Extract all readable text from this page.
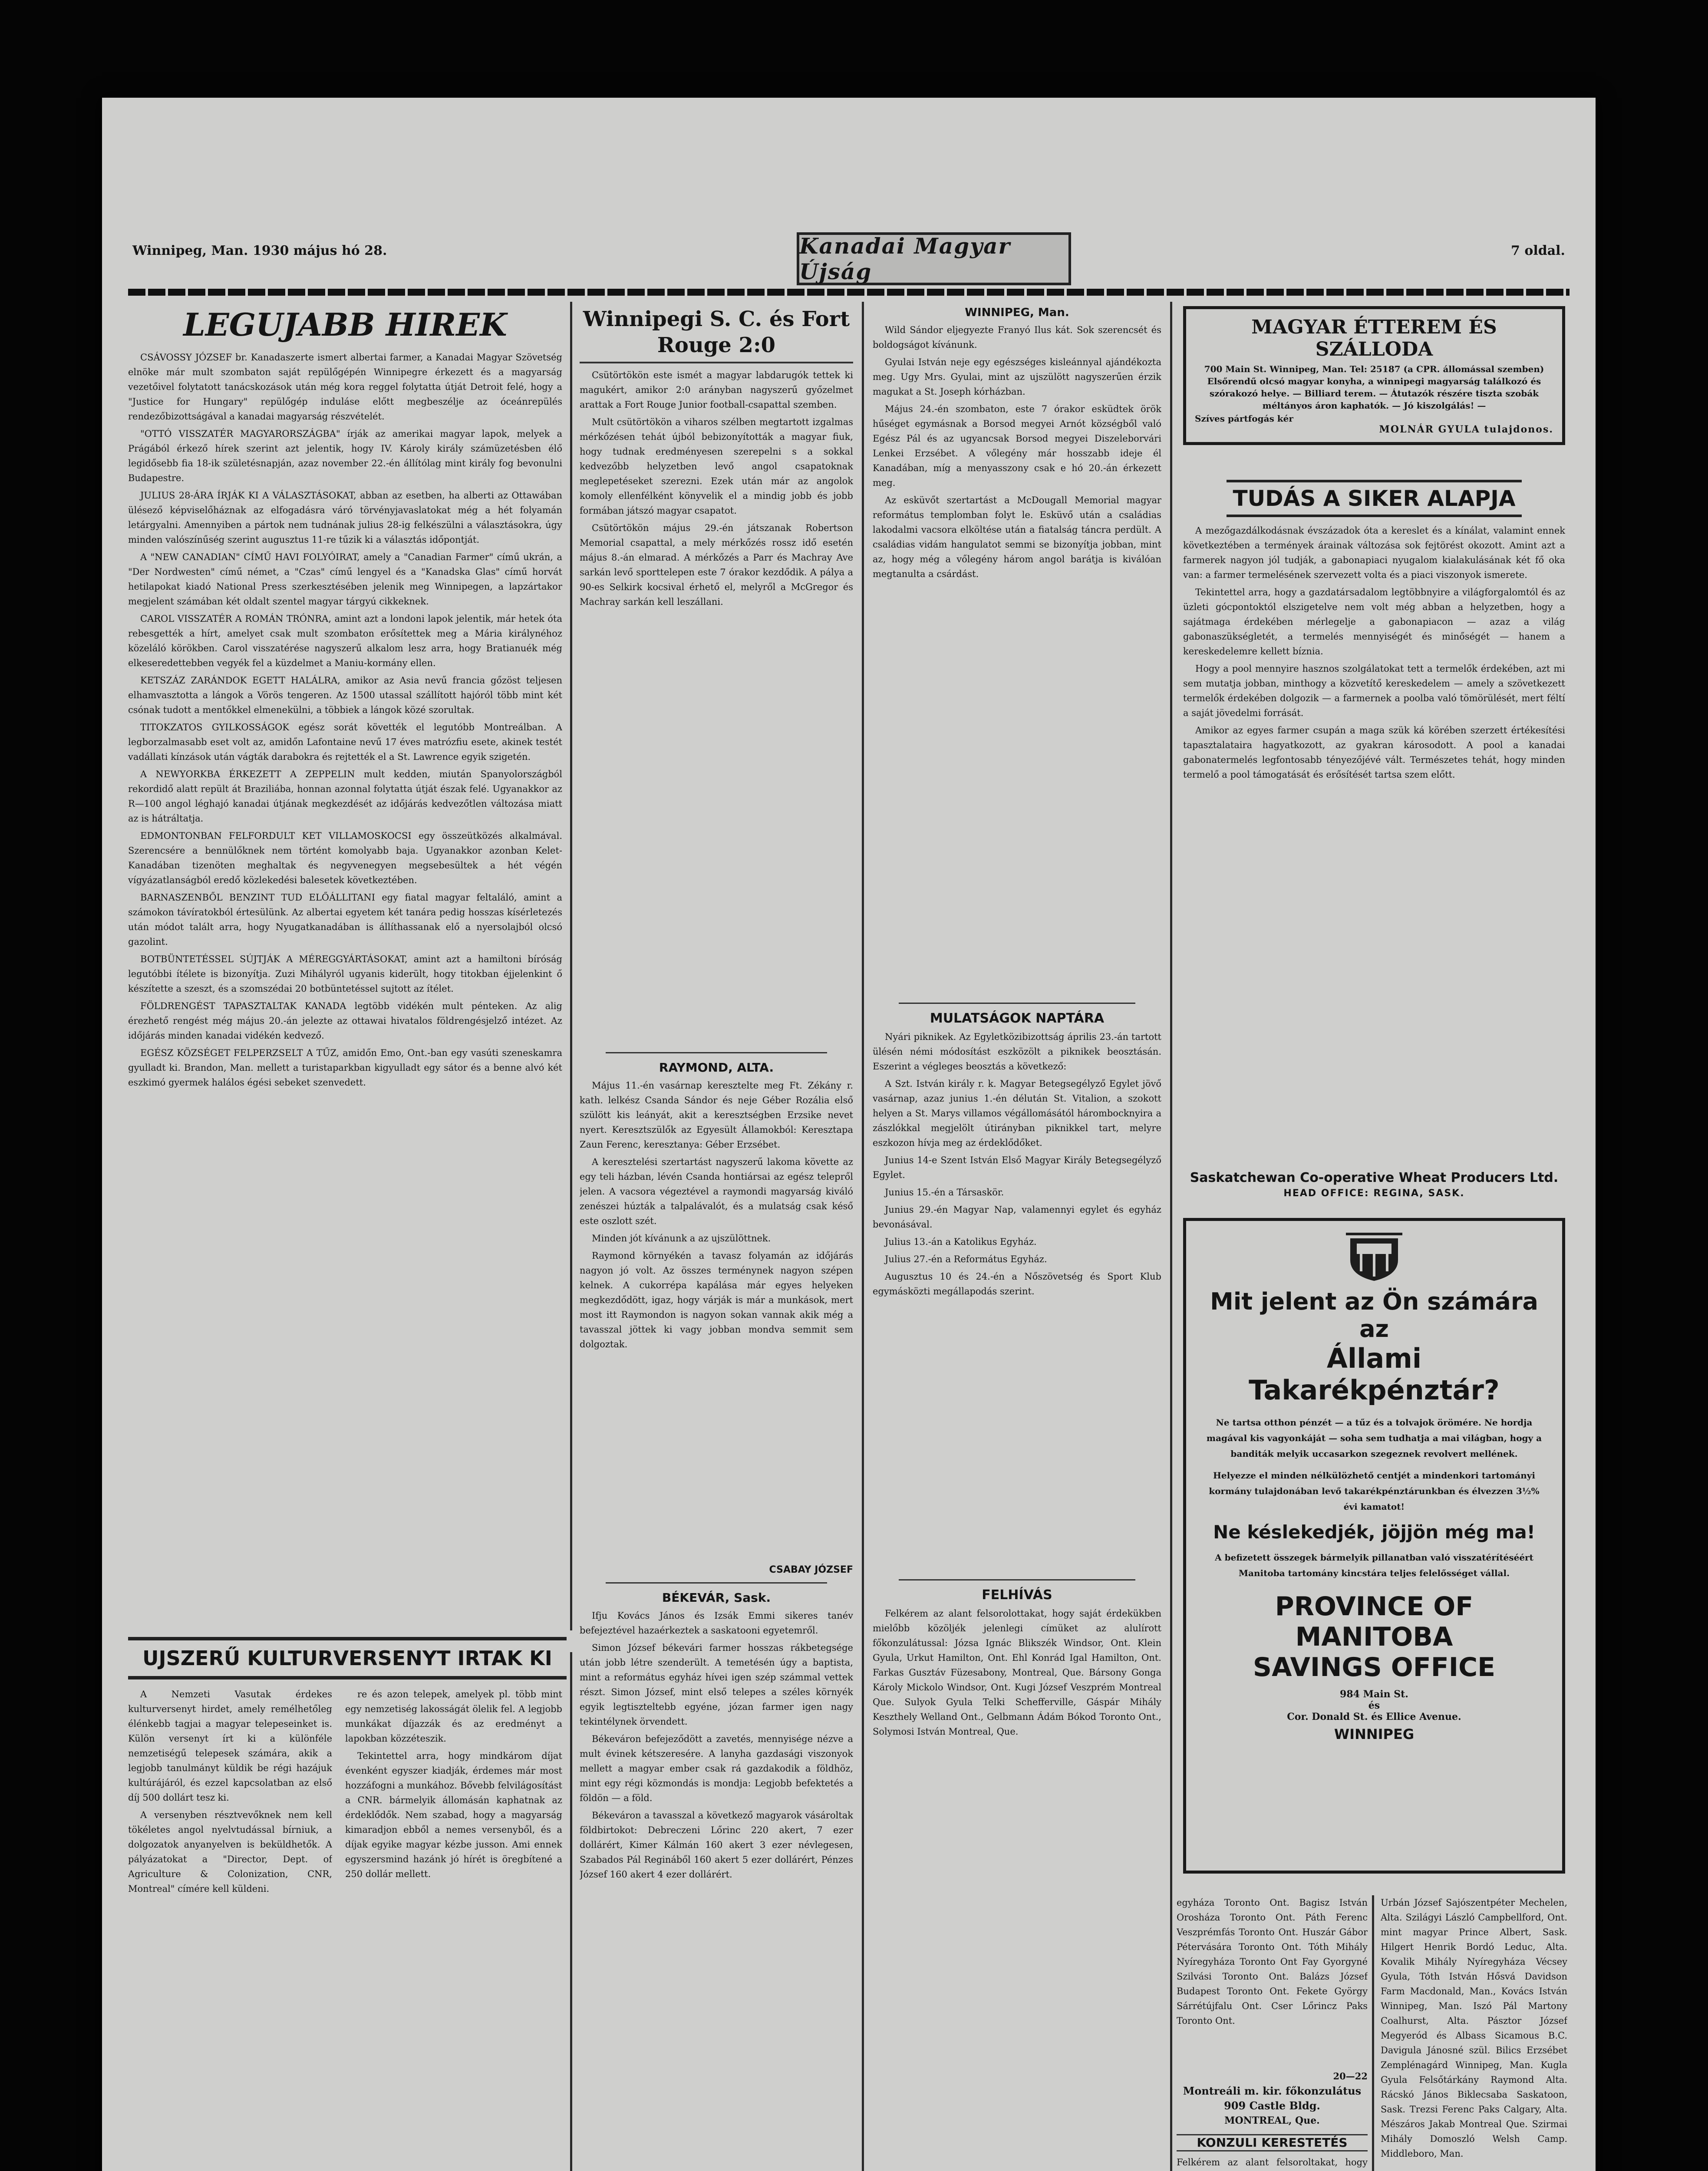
Winnipeg, Man. 1930 május hó 28.	Kanadai Magyar Újság
7 oldal.
LEGUJABB HIREK

CSÁVOSSY JÓZSEF br. Kanadaszerte ismert albertai farmer, a Kanadai Magyar Szövetség elnöke már mult szombaton saját repülőgépén Winnipegre érkezett és a magyarság vezetőivel folytatott tanácskozások után még kora reggel folytatta útját Detroit felé, hogy a "Justice for Hungary" repülőgép induláse előtt megbeszélje az óceánrepülés rendezőbizottságával a kanadai magyarság részvételét.

"OTTÓ VISSZATÉR MAGYARORSZÁGBA" írják az amerikai magyar lapok, melyek a Prágából érkező hírek szerint azt jelentik, hogy IV. Károly király számüzetésben élő legidősebb fia 18-ik születésnapján, azaz november 22.-én állítólag mint király fog bevonulni Budapestre.

JULIUS 28-ÁRA ÍRJÁK KI A VÁLASZTÁSOKAT, abban az esetben, ha alberti az Ottawában ülésező képviselőháznak az elfogadásra váró törvényjavaslatokat még a hét folyamán letárgyalni. Amennyiben a pártok nem tudnának julius 28-ig felkészülni a választásokra, úgy minden valószínűség szerint augusztus 11-re tűzik ki a választás időpontját.

A "NEW CANADIAN" CÍMŰ HAVI FOLYÓIRAT, amely a "Canadian Farmer" című ukrán, a "Der Nordwesten" című német, a "Czas" című lengyel és a "Kanadska Glas" című horvát hetilapokat kiadó National Press szerkesztésében jelenik meg Winnipegen, a lapzártakor megjelent számában két oldalt szentel magyar tárgyú cikkeknek.

CAROL VISSZATÉR A ROMÁN TRÓNRA, amint azt a londoni lapok jelentik, már hetek óta rebesgették a hírt, amelyet csak mult szombaton erősítettek meg a Mária királynéhoz közeláló körökben. Carol visszatérése nagyszerű alkalom lesz arra, hogy Bratianuék még elkeseredettebben vegyék fel a küzdelmet a Maniu-kormány ellen.

KETSZÁZ ZARÁNDOK EGETT HALÁLRA, amikor az Asia nevű francia gőzöst teljesen elhamvasztotta a lángok a Vörös tengeren. Az 1500 utassal szállított hajóról több mint két csónak tudott a mentőkkel elmenekülni, a többiek a lángok közé szorultak.

TITOKZATOS GYILKOSSÁGOK egész sorát követték el legutóbb Montreálban. A legborzalmasabb eset volt az, amidőn Lafontaine nevű 17 éves matrózfiu esete, akinek testét vadállati kínzások után vágták darabokra és rejtették el a St. Lawrence egyik szigetén.

A NEWYORKBA ÉRKEZETT A ZEPPELIN mult kedden, miután Spanyolországból rekordidő alatt repült át Braziliába, honnan azonnal folytatta útját észak felé. Ugyanakkor az R—100 angol léghajó kanadai útjának megkezdését az időjárás kedvezőtlen változása miatt az is hátráltatja.

EDMONTONBAN FELFORDULT KET VILLAMOSKOCSI egy összeütközés alkalmával. Szerencsére a bennülőknek nem történt komolyabb baja. Ugyanakkor azonban Kelet-Kanadában tizenöten meghaltak és negyvenegyen megsebesültek a hét végén vígyázatlanságból eredő közlekedési balesetek következtében.

BARNASZENBŐL BENZINT TUD ELŐÁLLITANI egy fiatal magyar feltaláló, amint a számokon távíratokból értesülünk. Az albertai egyetem két tanára pedig hosszas kísérletezés után módot talált arra, hogy Nyugatkanadában is állíthassanak elő a nyersolajból olcsó gazolint.

BOTBÜNTETÉSSEL SÚJTJÁK A MÉREGGYÁRTÁSOKAT, amint azt a hamiltoni bíróság legutóbbi ítélete is bizonyítja. Zuzi Mihályról ugyanis kiderült, hogy titokban éjjelenkint ő készítette a szeszt, és a szomszédai 20 botbüntetéssel sujtott az ítélet.

FÖLDRENGÉST TAPASZTALTAK KANADA legtöbb vidékén mult pénteken. Az alig érezhető rengést még május 20.-án jelezte az ottawai hivatalos földrengésjelző intézet. Az időjárás minden kanadai vidékén kedvező.

EGÉSZ KÖZSÉGET FELPERZSELT A TŰZ, amidőn Emo, Ont.-ban egy vasúti szeneskamra gyulladt ki. Brandon, Man. mellett a turistaparkban kigyulladt egy sátor és a benne alvó két eszkimó gyermek halálos égési sebeket szenvedett.

UJSZERŰ KULTURVERSENYT IRTAK KI

A Nemzeti Vasutak érdekes kulturversenyt hirdet, amely remélhetőleg élénkebb tagjai a magyar telepeseinket is. Külön versenyt írt ki a különféle nemzetiségű telepesek számára, akik a legjobb tanulmányt küldik be régi hazájuk kultúrájáról, és ezzel kapcsolatban az első díj 500 dollárt tesz ki.

A versenyben résztvevőknek nem kell tökéletes angol nyelvtudással bírniuk, a dolgozatok anyanyelven is beküldhetők. A pályázatokat a "Director, Dept. of Agriculture & Colonization, CNR, Montreal" címére kell küldeni.

re és azon telepek, amelyek pl. több mint egy nemzetiség lakosságát ölelik fel. A legjobb munkákat díjazzák és az eredményt a lapokban közzéteszik.

Tekintettel arra, hogy mindkárom díjat évenként egyszer kiadják, érdemes már most hozzáfogni a munkához. Bővebb felvilágosítást a CNR. bármelyik állomásán kaphatnak az érdeklődők. Nem szabad, hogy a magyarság kimaradjon ebből a nemes versenyből, és a díjak egyike magyar kézbe jusson. Ami ennek egyszersmind hazánk jó hírét is öregbítené a 250 dollár mellett.

Winnipegi S. C. és Fort Rouge 2:0

Csütörtökön este ismét a magyar labdarugók tettek ki magukért, amikor 2:0 arányban nagyszerű győzelmet arattak a Fort Rouge Junior football-csapattal szemben.

Mult csütörtökön a viharos szélben megtartott izgalmas mérkőzésen tehát újból bebizonyították a magyar fiuk, hogy tudnak eredményesen szerepelni s a sokkal kedvezőbb helyzetben levő angol csapatoknak meglepetéseket szerezni. Ezek után már az angolok komoly ellenfélként könyvelik el a mindig jobb és jobb formában játszó magyar csapatot.

Csütörtökön május 29.-én játszanak Robertson Memorial csapattal, a mely mérkőzés rossz idő esetén május 8.-án elmarad. A mérkőzés a Parr és Machray Ave sarkán levő sporttelepen este 7 órakor kezdődik. A pálya a 90-es Selkirk kocsival érhető el, melyről a McGregor és Machray sarkán kell leszállani.

RAYMOND, ALTA.

Május 11.-én vasárnap keresztelte meg Ft. Zékány r. kath. lelkész Csanda Sándor és neje Géber Rozália első szülött kis leányát, akit a keresztségben Erzsike nevet nyert. Keresztszülők az Egyesült Államokból: Keresztapa Zaun Ferenc, keresztanya: Géber Erzsébet.

A keresztelési szertartást nagyszerű lakoma követte az egy teli házban, lévén Csanda hontiársai az egész telepről jelen. A vacsora végeztével a raymondi magyarság kiváló zenészei húzták a talpalávalót, és a mulatság csak késő este oszlott szét.

Minden jót kívánunk a az ujszülöttnek.

Raymond környékén a tavasz folyamán az időjárás nagyon jó volt. Az összes terménynek nagyon szépen kelnek. A cukorrépa kapálása már egyes helyeken megkezdődött, igaz, hogy várják is már a munkások, mert most itt Raymondon is nagyon sokan vannak akik még a tavasszal jöttek ki vagy jobban mondva semmit sem dolgoztak.

CSABAY JÓZSEF
BÉKEVÁR, Sask.

Ifju Kovács János és Izsák Emmi sikeres tanév befejeztével hazaérkeztek a saskatooni egyetemről.

Simon József békevári farmer hosszas rákbetegsége után jobb létre szenderült. A temetésén úgy a baptista, mint a református egyház hívei igen szép számmal vettek részt. Simon József, mint első telepes a széles környék egyik legtiszteltebb egyéne, józan farmer igen nagy tekintélynek örvendett.

Békeváron befejeződött a zavetés, mennyisége nézve a mult évinek kétszeresére. A lanyha gazdasági viszonyok mellett a magyar ember csak rá gazdakodik a földhöz, mint egy régi közmondás is mondja: Legjobb befektetés a földön — a föld.

Békeváron a tavasszal a következő magyarok vásároltak földbirtokot: Debreczeni Lőrinc 220 akert, 7 ezer dollárért, Kimer Kálmán 160 akert 3 ezer névlegesen, Szabados Pál Regináből 160 akert 5 ezer dollárért, Pénzes József 160 akert 4 ezer dollárért.

WINNIPEG, Man.

Wild Sándor eljegyezte Franyó Ilus kát. Sok szerencsét és boldogságot kívánunk.

Gyulai István neje egy egészséges kisleánnyal ajándékozta meg. Ugy Mrs. Gyulai, mint az ujszülött nagyszerűen érzik magukat a St. Joseph kórházban.

Május 24.-én szombaton, este 7 órakor esküdtek örök hűséget egymásnak a Borsod megyei Arnót községből való Egész Pál és az ugyancsak Borsod megyei Diszeleborvári Lenkei Erzsébet. A vőlegény már hosszabb ideje él Kanadában, míg a menyasszony csak e hó 20.-án érkezett meg.

Az esküvőt szertartást a McDougall Memorial magyar református templomban folyt le. Esküvő után a családias lakodalmi vacsora elköltése után a fiatalság táncra perdült. A családias vidám hangulatot semmi se bizonyítja jobban, mint az, hogy még a vőlegény három angol barátja is kiválóan megtanulta a csárdást.

MULATSÁGOK NAPTÁRA

Nyári piknikek. Az Egyletközibizottság április 23.-án tartott ülésén némi módosítást eszközölt a piknikek beosztásán. Eszerint a végleges beosztás a következő:

A Szt. István király r. k. Magyar Betegsegélyző Egylet jövő vasárnap, azaz junius 1.-én délután St. Vitalion, a szokott helyen a St. Marys villamos végállomásától hárombocknyira a zászlókkal megjelölt útirányban piknikkel tart, melyre eszkozon hívja meg az érdeklődőket.

Junius 14-e Szent István Első Magyar Király Betegsegélyző Egylet.

Junius 15.-én a Társaskör.

Junius 29.-én Magyar Nap, valamennyi egylet és egyház bevonásával.

Julius 13.-án a Katolikus Egyház.

Julius 27.-én a Református Egyház.

Augusztus 10 és 24.-én a Nőszövetség és Sport Klub egymásközti megállapodás szerint.

FELHÍVÁS

Felkérem az alant felsorolottakat, hogy saját érdekükben mielőbb közöljék jelenlegi címüket az alulírott főkonzulátussal: Józsa Ignác Blikszék Windsor, Ont. Klein Gyula, Urkut Hamilton, Ont. Ehl Konrád Igal Hamilton, Ont. Farkas Gusztáv Füzesabony, Montreal, Que. Bársony Gonga Károly Mickolo Windsor, Ont. Kugi József Veszprém Montreal Que. Sulyok Gyula Telki Schefferville, Gáspár Mihály Keszthely Welland Ont., Gelbmann Ádám Bókod Toronto Ont., Solymosi István Montreal, Que.

MAGYAR ÉTTEREM ÉS SZÁLLODA
700 Main St. Winnipeg, Man. Tel: 25187 (a CPR. állomással szemben)
Elsőrendű olcsó magyar konyha, a winnipegi magyarság találkozó és szórakozó helye. — Billiard terem. — Átutazók részére tiszta szobák méltányos áron kaphatók. — Jó kiszolgálás! —
Szíves pártfogás kér
MOLNÁR GYULA tulajdonos.
TUDÁS A SIKER ALAPJA

A mezőgazdálkodásnak évszázadok óta a kereslet és a kínálat, valamint ennek következtében a termények árainak változása sok fejtörést okozott. Amint azt a farmerek nagyon jól tudják, a gabonapiaci nyugalom kialakulásának két fő oka van: a farmer termelésének szervezett volta és a piaci viszonyok ismerete.

Tekintettel arra, hogy a gazdatársadalom legtöbbnyire a világforgalomtól és az üzleti gócpontoktól elszigetelve nem volt még abban a helyzetben, hogy a sajátmaga érdekében mérlegelje a gabonapiacon — azaz a világ gabonaszükségletét, a termelés mennyiségét és minőségét — hanem a kereskedelemre kellett bíznia.

Hogy a pool mennyire hasznos szolgálatokat tett a termelők érdekében, azt mi sem mutatja jobban, minthogy a közvetítő kereskedelem — amely a szövetkezett termelők érdekében dolgozik — a farmernek a poolba való tömörülését, mert féltí a saját jövedelmi forrását.

Amikor az egyes farmer csupán a maga szük ká körében szerzett értékesítési tapasztalataira hagyatkozott, az gyakran károsodott. A pool a kanadai gabonatermelés legfontosabb tényezőjévé vált. Természetes tehát, hogy minden termelő a pool támogatását és erősítését tartsa szem előtt.

Saskatchewan Co-operative Wheat Producers Ltd.
HEAD OFFICE: REGINA, SASK.
Mit jelent az Ön számára az
Állami Takarékpénztár?
Ne tartsa otthon pénzét — a tűz és a tolvajok örömére. Ne hordja magával kis vagyonkáját — soha sem tudhatja a mai világban, hogy a banditák melyik uccasarkon szegeznek revolvert mellének.
Helyezze el minden nélkülözhető centjét a mindenkori tartományi kormány tulajdonában levő takarékpénztárunkban és élvezzen 3½% évi kamatot!
Ne késlekedjék, jöjjön még ma!
A befizetett összegek bármelyik pillanatban való visszatérítéséért Manitoba tartomány kincstára teljes felelősséget vállal.
PROVINCE OF MANITOBA
SAVINGS OFFICE
984 Main St.
és
Cor. Donald St. és Ellice Avenue.
WINNIPEG
egyháza Toronto Ont. Bagisz István Orosháza Toronto Ont. Páth Ferenc Veszprémfás Toronto Ont. Huszár Gábor Pétervására Toronto Ont. Tóth Mihály Nyíregyháza Toronto Ont Fay Gyorgyné Szilvási Toronto Ont. Balázs József Budapest Toronto Ont. Fekete György Sárrétújfalu Ont. Cser Lőrincz Paks Toronto Ont.
20—22
Montreáli m. kir. főkonzulátus
909 Castle Bldg.
MONTREAL, Que.
KONZULI KERESTETÉS
Felkérem az alant felsoroltakat, hogy
Urbán József Sajószentpéter Mechelen, Alta. Szilágyi László Campbellford, Ont. mint magyar Prince Albert, Sask. Hilgert Henrik Bordó Leduc, Alta. Kovalik Mihály Nyíregyháza Vécsey Gyula, Tóth István Hősvá Davidson Farm Macdonald, Man., Kovács István Winnipeg, Man. Iszó Pál Martony Coalhurst, Alta. Pásztor József Megyeród és Albass Sicamous B.C. Davigula Jánosné szül. Bilics Erzsébet Zemplénagárd Winnipeg, Man. Kugla Gyula Felsőtárkány Raymond Alta. Rácskó János Biklecsaba Saskatoon, Sask. Trezsi Ferenc Paks Calgary, Alta. Mészáros Jakab Montreal Que. Szirmai Mihály Domoszló Welsh Camp. Middleboro, Man.
